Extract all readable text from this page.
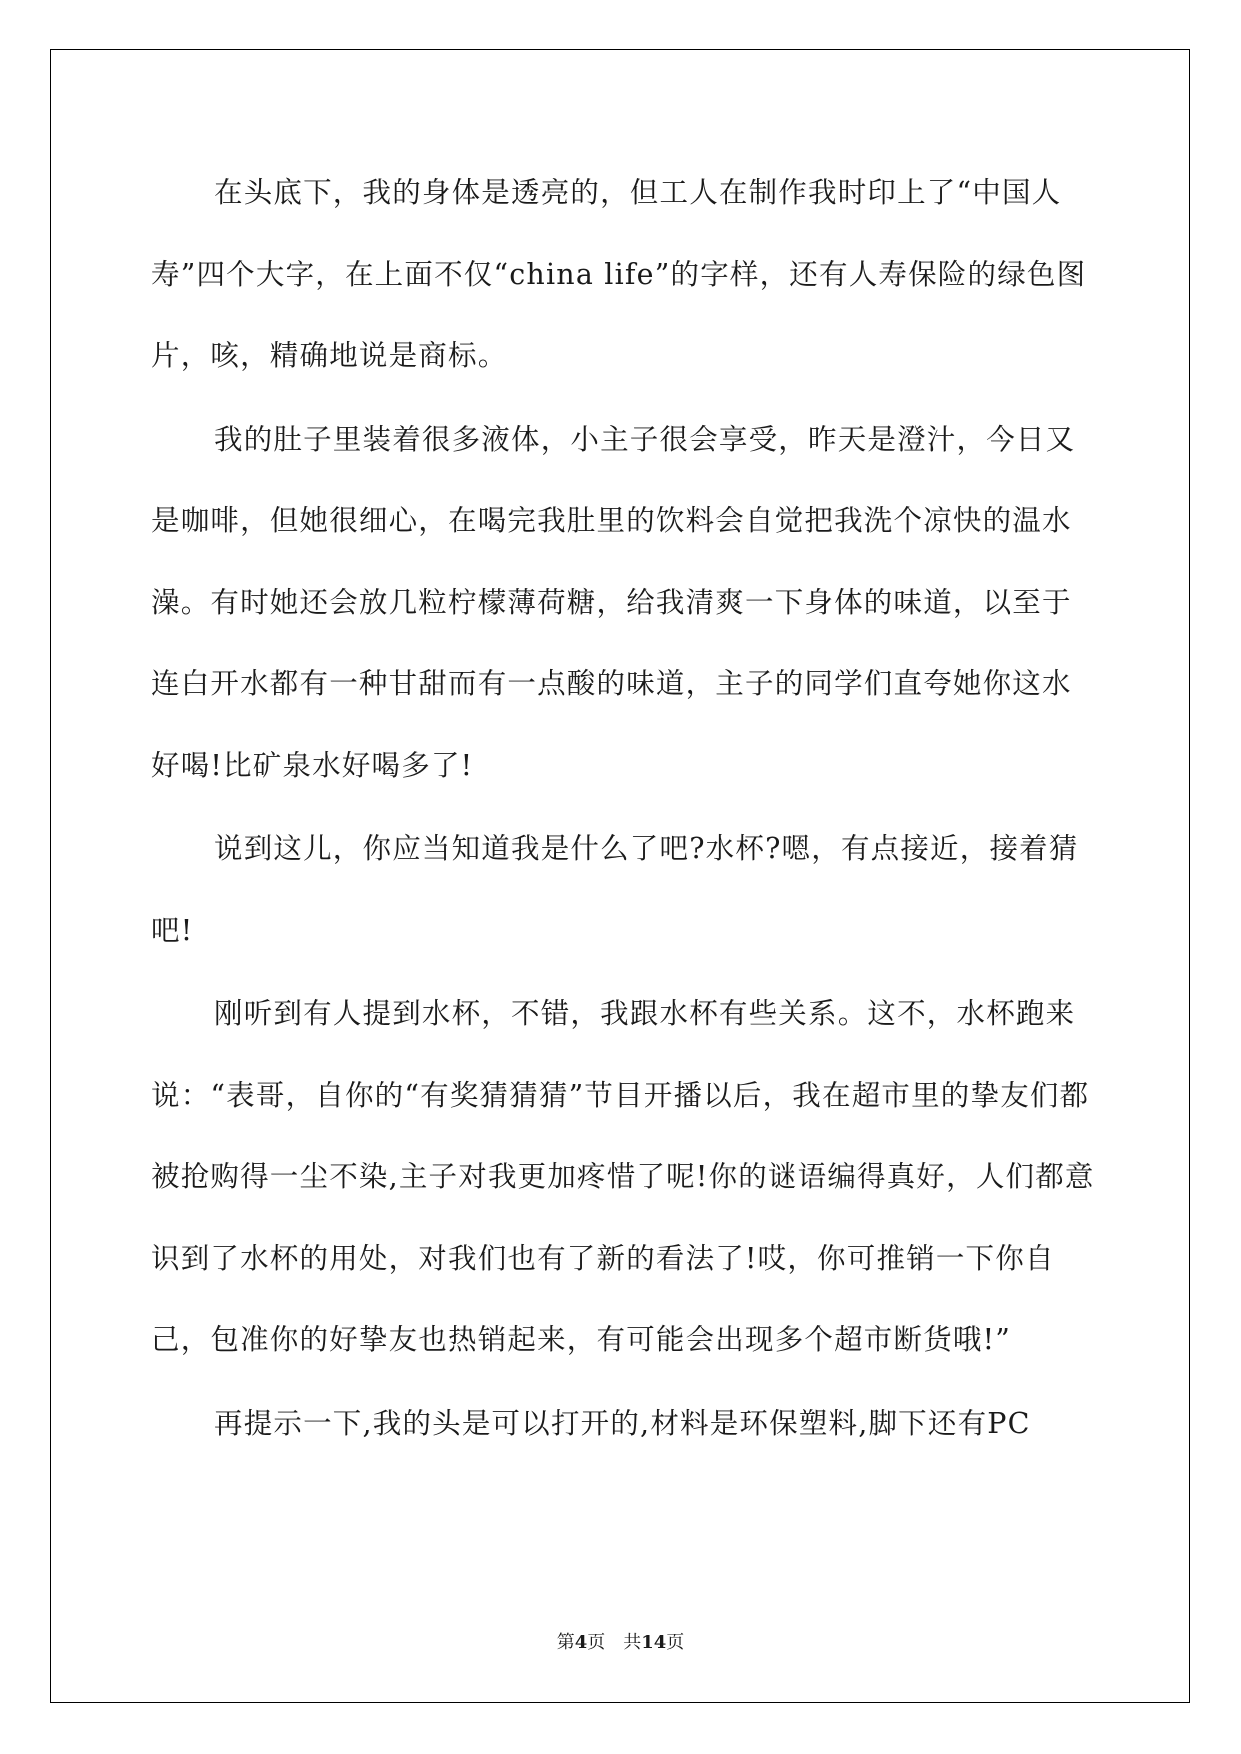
在头底下，我的身体是透亮的，但工人在制作我时印上了“中国人寿”四个大字，在上面不仅“china life”的字样，还有人寿保险的绿色图片，咳，精确地说是商标。

我的肚子里装着很多液体，小主子很会享受，昨天是澄汁，今日又是咖啡，但她很细心，在喝完我肚里的饮料会自觉把我洗个凉快的温水澡。有时她还会放几粒柠檬薄荷糖，给我清爽一下身体的味道，以至于连白开水都有一种甘甜而有一点酸的味道，主子的同学们直夸她你这水好喝!比矿泉水好喝多了!

说到这儿，你应当知道我是什么了吧?水杯?嗯，有点接近，接着猜吧!

刚听到有人提到水杯，不错，我跟水杯有些关系。这不，水杯跑来说：“表哥，自你的“有奖猜猜猜”节目开播以后，我在超市里的挚友们都被抢购得一尘不染,主子对我更加疼惜了呢!你的谜语编得真好，人们都意识到了水杯的用处，对我们也有了新的看法了!哎，你可推销一下你自己，包准你的好挚友也热销起来，有可能会出现多个超市断货哦!”

再提示一下,我的头是可以打开的,材料是环保塑料,脚下还有PC

第4页 共14页
